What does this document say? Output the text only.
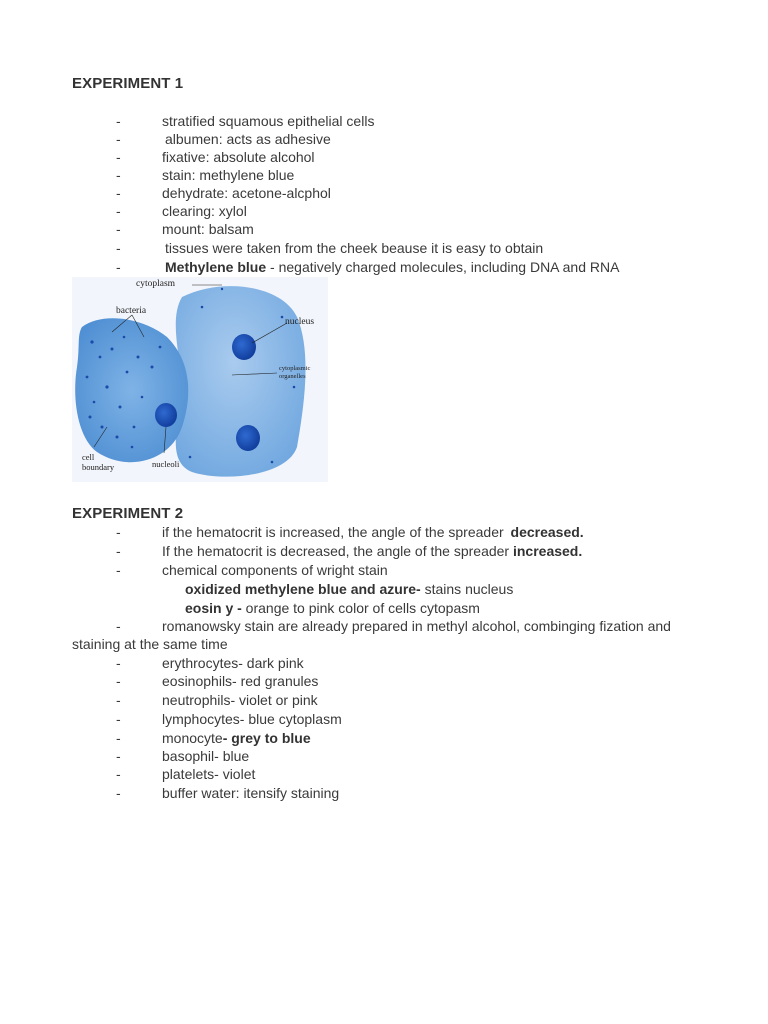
EXPERIMENT 1
-	stratified squamous epithelial cells
-	albumen: acts as adhesive
-	fixative: absolute alcohol
-	stain: methylene blue
-	dehydrate: acetone-alcphol
-	clearing: xylol
-	mount: balsam
-	tissues were taken from the cheek beause it is easy to obtain
-	Methylene blue - negatively charged molecules, including DNA and RNA
cytoplasm
bacteria
nucleus
cytoplasmic
organelles
cell
boundary	nucleoli
EXPERIMENT 2
-	if the hematocrit is increased, the angle of the spreader decreased.
-	If the hematocrit is decreased, the angle of the spreader increased.
-	chemical components of wright stain
oxidized methylene blue and azure- stains nucleus
eosin y - orange to pink color of cells cytopasm
-	romanowsky stain are already prepared in methyl alcohol, combinging fization and staining at the same time
-	erythrocytes- dark pink
-	eosinophils- red granules
-	neutrophils- violet or pink
-	lymphocytes- blue cytoplasm
-	monocyte- grey to blue
-	basophil- blue
-	platelets- violet
-	buffer water: itensify staining
